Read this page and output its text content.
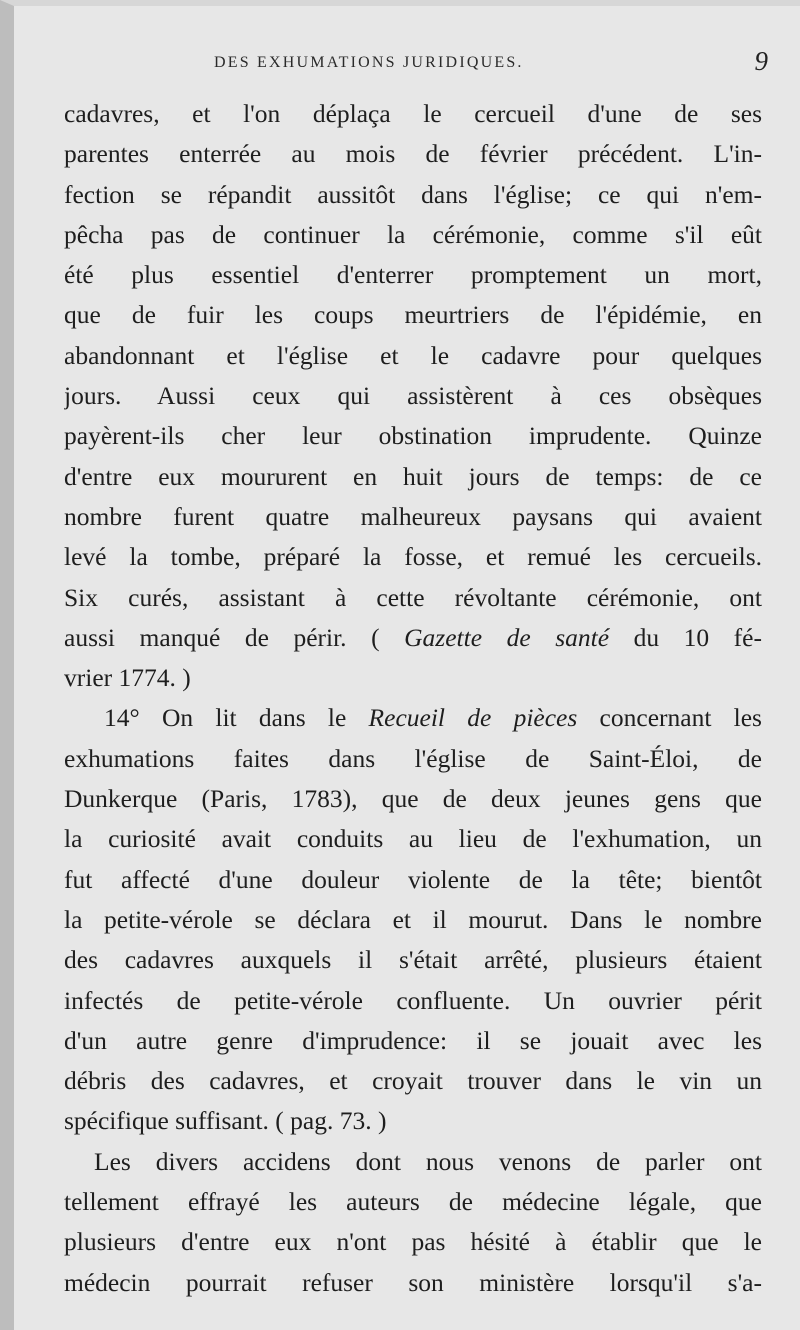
DES EXHUMATIONS JURIDIQUES.	9
cadavres, et l'on déplaça le cercueil d'une de ses
parentes enterrée au mois de février précédent. L'in-
fection se répandit aussitôt dans l'église; ce qui n'em-
pêcha pas de continuer la cérémonie, comme s'il eût
été plus essentiel d'enterrer promptement un mort,
que de fuir les coups meurtriers de l'épidémie, en
abandonnant et l'église et le cadavre pour quelques
jours. Aussi ceux qui assistèrent à ces obsèques
payèrent-ils cher leur obstination imprudente. Quinze
d'entre eux moururent en huit jours de temps: de ce
nombre furent quatre malheureux paysans qui avaient
levé la tombe, préparé la fosse, et remué les cercueils.
Six curés, assistant à cette révoltante cérémonie, ont
aussi manqué de périr. ( Gazette de santé du 10 fé-
vrier 1774. )
14° On lit dans le Recueil de pièces concernant les
exhumations faites dans l'église de Saint-Éloi, de
Dunkerque (Paris, 1783), que de deux jeunes gens que
la curiosité avait conduits au lieu de l'exhumation, un
fut affecté d'une douleur violente de la tête; bientôt
la petite-vérole se déclara et il mourut. Dans le nombre
des cadavres auxquels il s'était arrêté, plusieurs étaient
infectés de petite-vérole confluente. Un ouvrier périt
d'un autre genre d'imprudence: il se jouait avec les
débris des cadavres, et croyait trouver dans le vin un
spécifique suffisant. ( pag. 73. )
Les divers accidens dont nous venons de parler ont
tellement effrayé les auteurs de médecine légale, que
plusieurs d'entre eux n'ont pas hésité à établir que le
médecin pourrait refuser son ministère lorsqu'il s'a-
